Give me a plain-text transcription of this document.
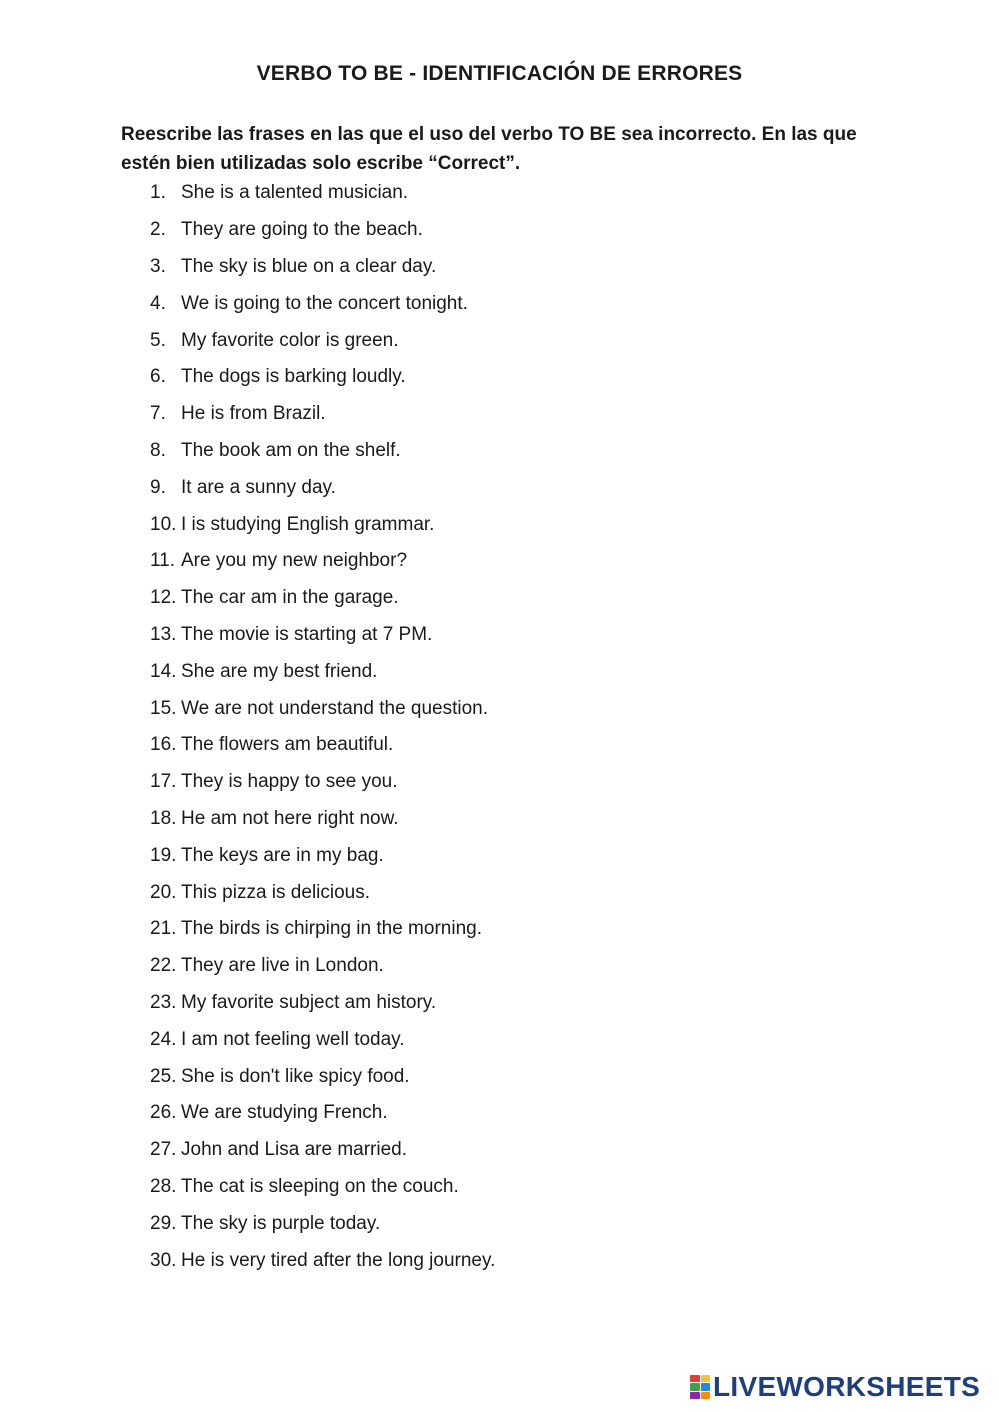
VERBO TO BE - IDENTIFICACIÓN DE ERRORES
Reescribe las frases en las que el uso del verbo TO BE sea incorrecto. En las que estén bien utilizadas solo escribe “Correct”.
1. She is a talented musician.
2. They are going to the beach.
3. The sky is blue on a clear day.
4. We is going to the concert tonight.
5. My favorite color is green.
6. The dogs is barking loudly.
7. He is from Brazil.
8. The book am on the shelf.
9. It are a sunny day.
10. I is studying English grammar.
11. Are you my new neighbor?
12. The car am in the garage.
13. The movie is starting at 7 PM.
14. She are my best friend.
15. We are not understand the question.
16. The flowers am beautiful.
17. They is happy to see you.
18. He am not here right now.
19. The keys are in my bag.
20. This pizza is delicious.
21. The birds is chirping in the morning.
22. They are live in London.
23. My favorite subject am history.
24. I am not feeling well today.
25. She is don't like spicy food.
26. We are studying French.
27. John and Lisa are married.
28. The cat is sleeping on the couch.
29. The sky is purple today.
30. He is very tired after the long journey.
LIVEWORKSHEETS
